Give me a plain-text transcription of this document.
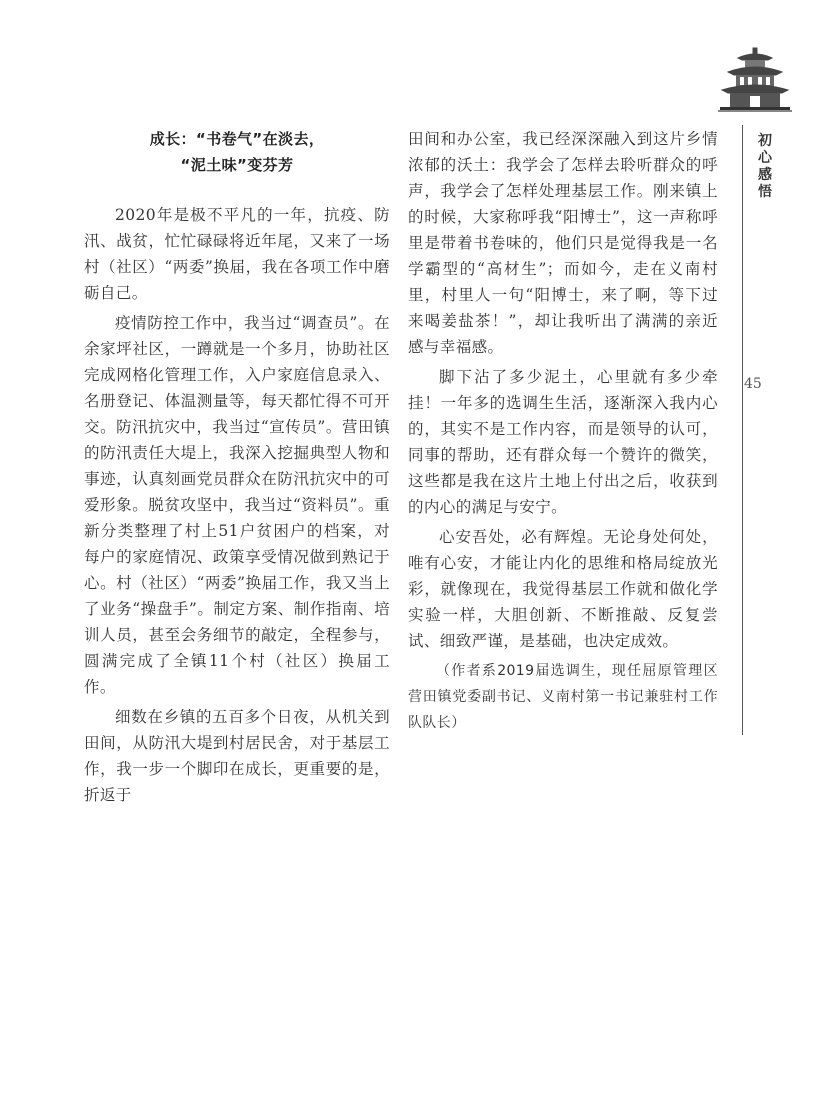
初心感悟
45
成长：“书卷气”在淡去，
“泥土味”变芬芳

2020年是极不平凡的一年，抗疫、防汛、战贫，忙忙碌碌将近年尾，又来了一场村（社区）“两委”换届，我在各项工作中磨砺自己。

疫情防控工作中，我当过“调查员”。在余家坪社区，一蹲就是一个多月，协助社区完成网格化管理工作，入户家庭信息录入、名册登记、体温测量等，每天都忙得不可开交。防汛抗灾中，我当过“宣传员”。营田镇的防汛责任大堤上，我深入挖掘典型人物和事迹，认真刻画党员群众在防汛抗灾中的可爱形象。脱贫攻坚中，我当过“资料员”。重新分类整理了村上51户贫困户的档案，对每户的家庭情况、政策享受情况做到熟记于心。村（社区）“两委”换届工作，我又当上了业务“操盘手”。制定方案、制作指南、培训人员，甚至会务细节的敲定，全程参与，圆满完成了全镇11个村（社区）换届工作。

细数在乡镇的五百多个日夜，从机关到田间，从防汛大堤到村居民舍，对于基层工作，我一步一个脚印在成长，更重要的是，折返于

田间和办公室，我已经深深融入到这片乡情浓郁的沃土：我学会了怎样去聆听群众的呼声，我学会了怎样处理基层工作。刚来镇上的时候，大家称呼我“阳博士”，这一声称呼里是带着书卷味的，他们只是觉得我是一名学霸型的“高材生”；而如今，走在义南村里，村里人一句“阳博士，来了啊，等下过来喝姜盐茶！”，却让我听出了满满的亲近感与幸福感。

脚下沾了多少泥土，心里就有多少牵挂！一年多的选调生生活，逐渐深入我内心的，其实不是工作内容，而是领导的认可，同事的帮助，还有群众每一个赞许的微笑，这些都是我在这片土地上付出之后，收获到的内心的满足与安宁。

心安吾处，必有辉煌。无论身处何处，唯有心安，才能让内化的思维和格局绽放光彩，就像现在，我觉得基层工作就和做化学实验一样，大胆创新、不断推敲、反复尝试、细致严谨，是基础，也决定成效。

（作者系2019届选调生，现任屈原管理区营田镇党委副书记、义南村第一书记兼驻村工作队队长）
